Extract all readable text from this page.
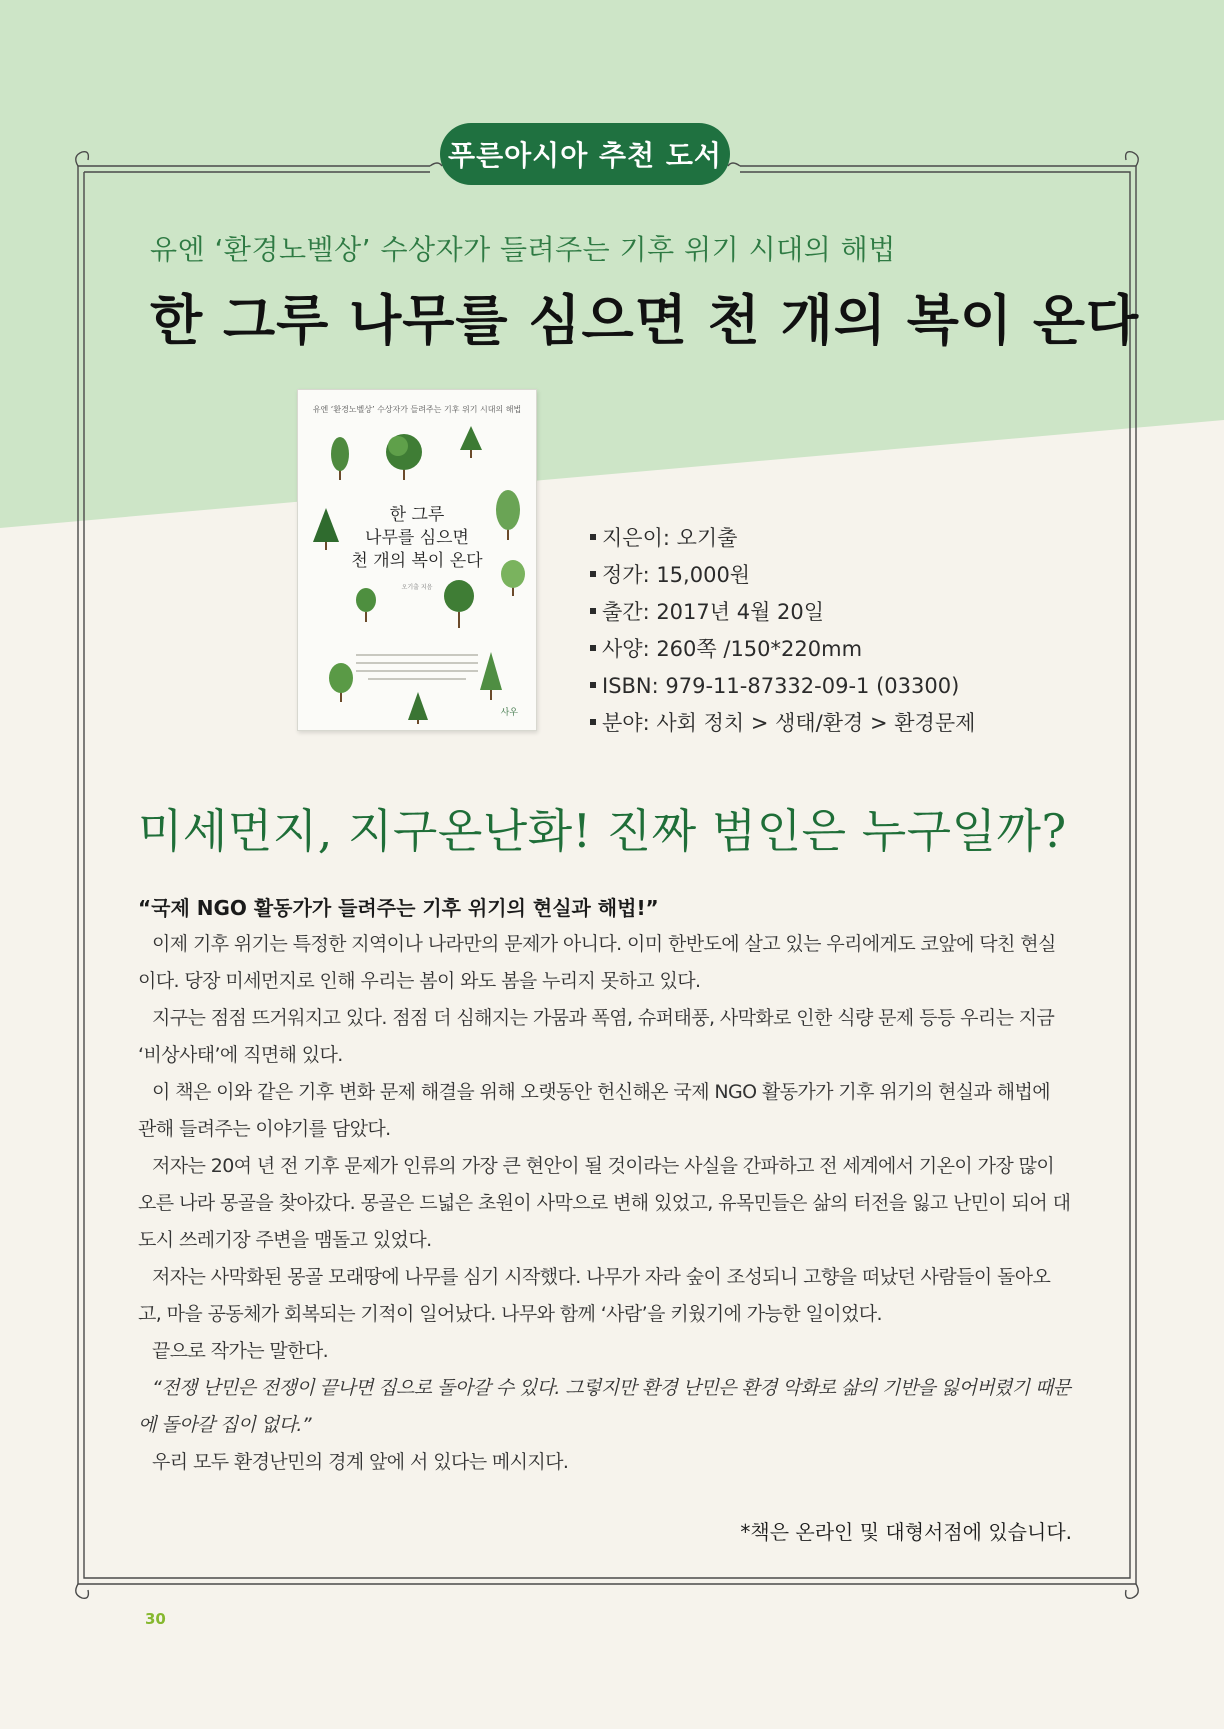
푸른아시아 추천 도서
유엔 ‘환경노벨상’ 수상자가 들려주는 기후 위기 시대의 해법
한 그루 나무를 심으면 천 개의 복이 온다
유엔 ‘환경노벨상’ 수상자가 들려주는 기후 위기 시대의 해법
한 그루
나무를 심으면
천 개의 복이 온다
오기출 지음
사우
지은이: 오기출
정가: 15,000원
출간: 2017년 4월 20일
사양: 260쪽 /150*220mm
ISBN: 979-11-87332-09-1 (03300)
분야: 사회 정치 > 생태/환경 > 환경문제
미세먼지, 지구온난화! 진짜 범인은 누구일까?
“국제 NGO 활동가가 들려주는 기후 위기의 현실과 해법!”

이제 기후 위기는 특정한 지역이나 나라만의 문제가 아니다. 이미 한반도에 살고 있는 우리에게도 코앞에 닥친 현실이다. 당장 미세먼지로 인해 우리는 봄이 와도 봄을 누리지 못하고 있다.

지구는 점점 뜨거워지고 있다. 점점 더 심해지는 가뭄과 폭염, 슈퍼태풍, 사막화로 인한 식량 문제 등등 우리는 지금 ‘비상사태’에 직면해 있다.

이 책은 이와 같은 기후 변화 문제 해결을 위해 오랫동안 헌신해온 국제 NGO 활동가가 기후 위기의 현실과 해법에 관해 들려주는 이야기를 담았다.

저자는 20여 년 전 기후 문제가 인류의 가장 큰 현안이 될 것이라는 사실을 간파하고 전 세계에서 기온이 가장 많이 오른 나라 몽골을 찾아갔다. 몽골은 드넓은 초원이 사막으로 변해 있었고, 유목민들은 삶의 터전을 잃고 난민이 되어 대도시 쓰레기장 주변을 맴돌고 있었다.

저자는 사막화된 몽골 모래땅에 나무를 심기 시작했다. 나무가 자라 숲이 조성되니 고향을 떠났던 사람들이 돌아오고, 마을 공동체가 회복되는 기적이 일어났다. 나무와 함께 ‘사람’을 키웠기에 가능한 일이었다.

끝으로 작가는 말한다.

“전쟁 난민은 전쟁이 끝나면 집으로 돌아갈 수 있다. 그렇지만 환경 난민은 환경 악화로 삶의 기반을 잃어버렸기 때문에 돌아갈 집이 없다.”

우리 모두 환경난민의 경계 앞에 서 있다는 메시지다.

*책은 온라인 및 대형서점에 있습니다.
30
